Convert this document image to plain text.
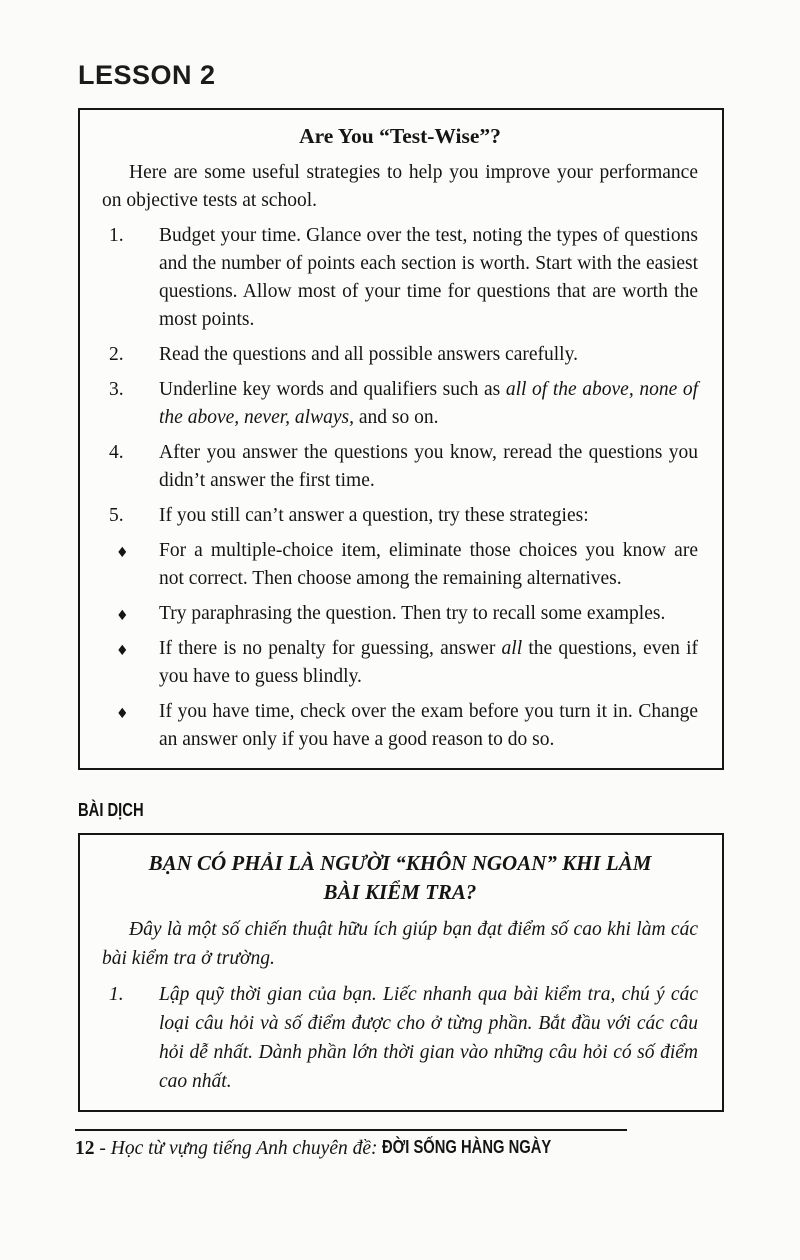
LESSON 2
Are You “Test-Wise”?

Here are some useful strategies to help you improve your performance on objective tests at school.

1. Budget your time. Glance over the test, noting the types of questions and the number of points each section is worth. Start with the easiest questions. Allow most of your time for questions that are worth the most points.
2. Read the questions and all possible answers carefully.
3. Underline key words and qualifiers such as all of the above, none of the above, never, always, and so on.
4. After you answer the questions you know, reread the questions you didn’t answer the first time.
5. If you still can’t answer a question, try these strategies:
♦ For a multiple-choice item, eliminate those choices you know are not correct. Then choose among the remaining alternatives.
♦ Try paraphrasing the question. Then try to recall some examples.
♦ If there is no penalty for guessing, answer all the questions, even if you have to guess blindly.
♦ If you have time, check over the exam before you turn it in. Change an answer only if you have a good reason to do so.
BÀI DỊCH
BẠN CÓ PHẢI LÀ NGƯỜI “KHÔN NGOAN” KHI LÀM
BÀI KIỂM TRA?

Đây là một số chiến thuật hữu ích giúp bạn đạt điểm số cao khi làm các bài kiểm tra ở trường.

1. Lập quỹ thời gian của bạn. Liếc nhanh qua bài kiểm tra, chú ý các loại câu hỏi và số điểm được cho ở từng phần. Bắt đầu với các câu hỏi dễ nhất. Dành phần lớn thời gian vào những câu hỏi có số điểm cao nhất.
12 - Học từ vựng tiếng Anh chuyên đề: ĐỜI SỐNG HÀNG NGÀY
